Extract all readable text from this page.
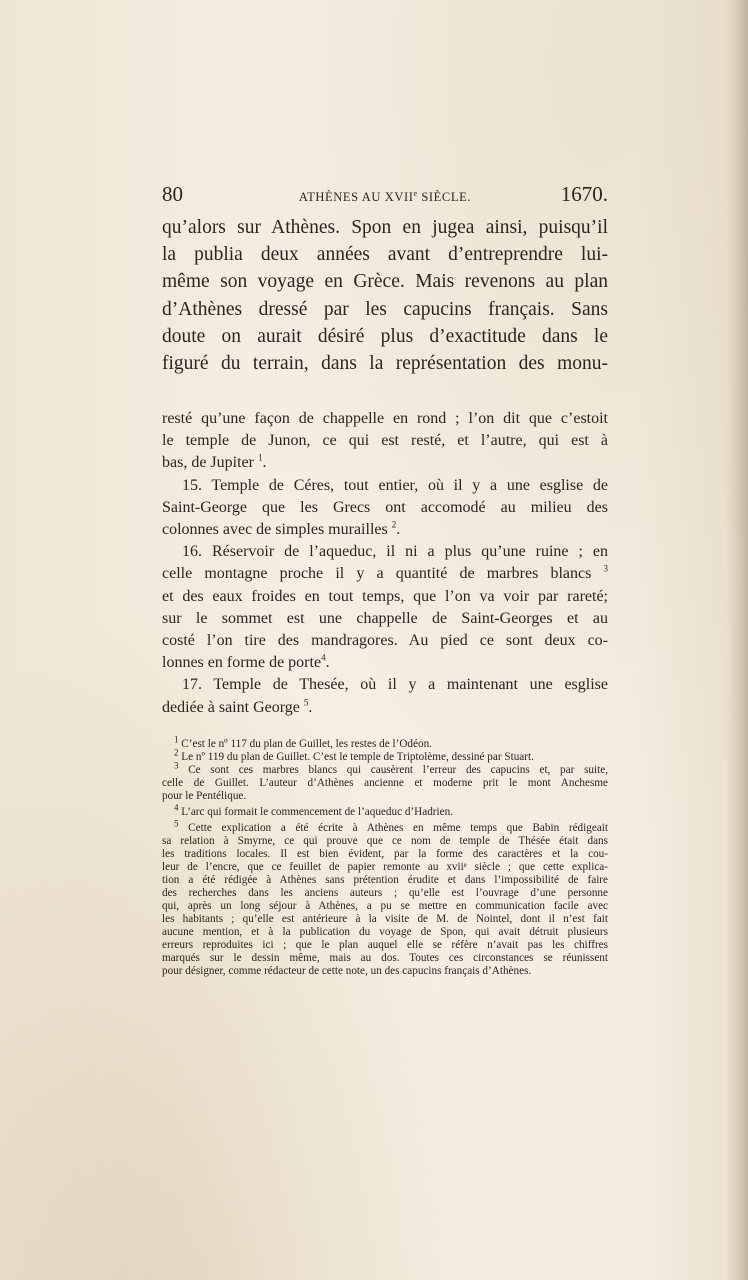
80	ATHÈNES AU XVIIe SIÈCLE.	1670.
qu’alors sur Athènes. Spon en jugea ainsi, puisqu’il
la publia deux années avant d’entreprendre lui-
même son voyage en Grèce. Mais revenons au plan
d’Athènes dressé par les capucins français. Sans
doute on aurait désiré plus d’exactitude dans le
figuré du terrain, dans la représentation des monu-
resté qu’une façon de chappelle en rond ; l’on dit que c’estoit
le temple de Junon, ce qui est resté, et l’autre, qui est à
bas, de Jupiter $^1$.
15. Temple de Céres, tout entier, où il y a une esglise de
Saint-George que les Grecs ont accomodé au milieu des
colonnes avec de simples murailles $^2$.
16. Réservoir de l’aqueduc, il ni a plus qu’une ruine ; en
celle montagne proche il y a quantité de marbres blancs $^3$
et des eaux froides en tout temps, que l’on va voir par rareté;
sur le sommet est une chappelle de Saint-Georges et au
costé l’on tire des mandragores. Au pied ce sont deux co-
lonnes en forme de porte$^4$.
17. Temple de Thesée, où il y a maintenant une esglise
dediée à saint George $^5$.
$^1$ C’est le nº 117 du plan de Guillet, les restes de l’Odéon.
$^2$ Le nº 119 du plan de Guillet. C’est le temple de Triptolème, dessiné par Stuart.
$^3$ Ce sont ces marbres blancs qui causèrent l’erreur des capucins et, par suite,
celle de Guillet. L’auteur d’Athènes ancienne et moderne prit le mont Anchesme
pour le Pentélique.
$^4$ L’arc qui formait le commencement de l’aqueduc d’Hadrien.
$^5$ Cette explication a été écrite à Athènes en même temps que Babin rédigeait
sa relation à Smyrne, ce qui prouve que ce nom de temple de Thésée était dans
les traditions locales. Il est bien évident, par la forme des caractères et la cou-
leur de l’encre, que ce feuillet de papier remonte au xviiᵉ siècle ; que cette explica-
tion a été rédigée à Athènes sans prétention érudite et dans l’impossibilité de faire
des recherches dans les anciens auteurs ; qu’elle est l’ouvrage d’une personne
qui, après un long séjour à Athènes, a pu se mettre en communication facile avec
les habitants ; qu’elle est antérieure à la visite de M. de Nointel, dont il n’est fait
aucune mention, et à la publication du voyage de Spon, qui avait détruit plusieurs
erreurs reproduites ici ; que le plan auquel elle se réfère n’avait pas les chiffres
marqués sur le dessin même, mais au dos. Toutes ces circonstances se réunissent
pour désigner, comme rédacteur de cette note, un des capucins français d’Athènes.
